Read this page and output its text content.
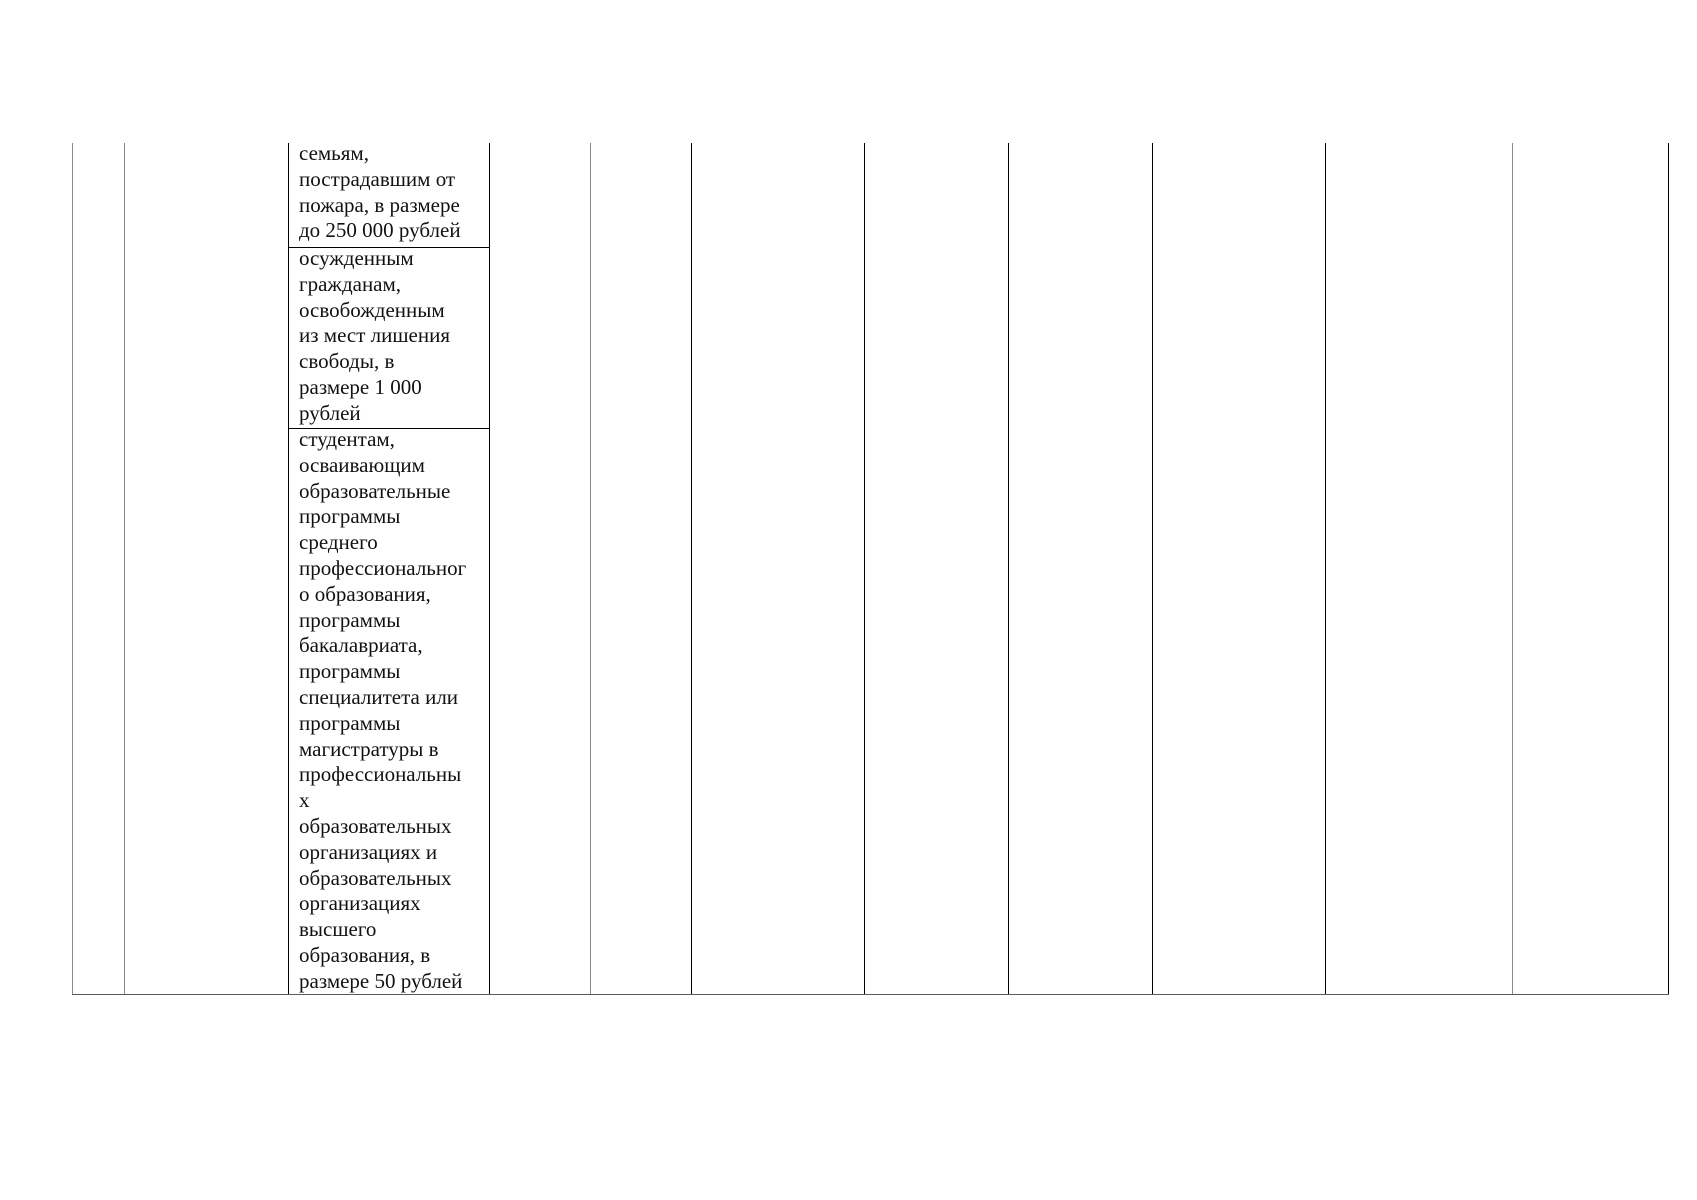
семьям,
пострадавшим от
пожара, в размере
до 250 000 рублей
осужденным
гражданам,
освобожденным
из мест лишения
свободы, в
размере 1 000
рублей
студентам,
осваивающим
образовательные
программы
среднего
профессиональног
о образования,
программы
бакалавриата,
программы
специалитета или
программы
магистратуры в
профессиональны
х
образовательных
организациях и
образовательных
организациях
высшего
образования, в
размере 50 рублей
